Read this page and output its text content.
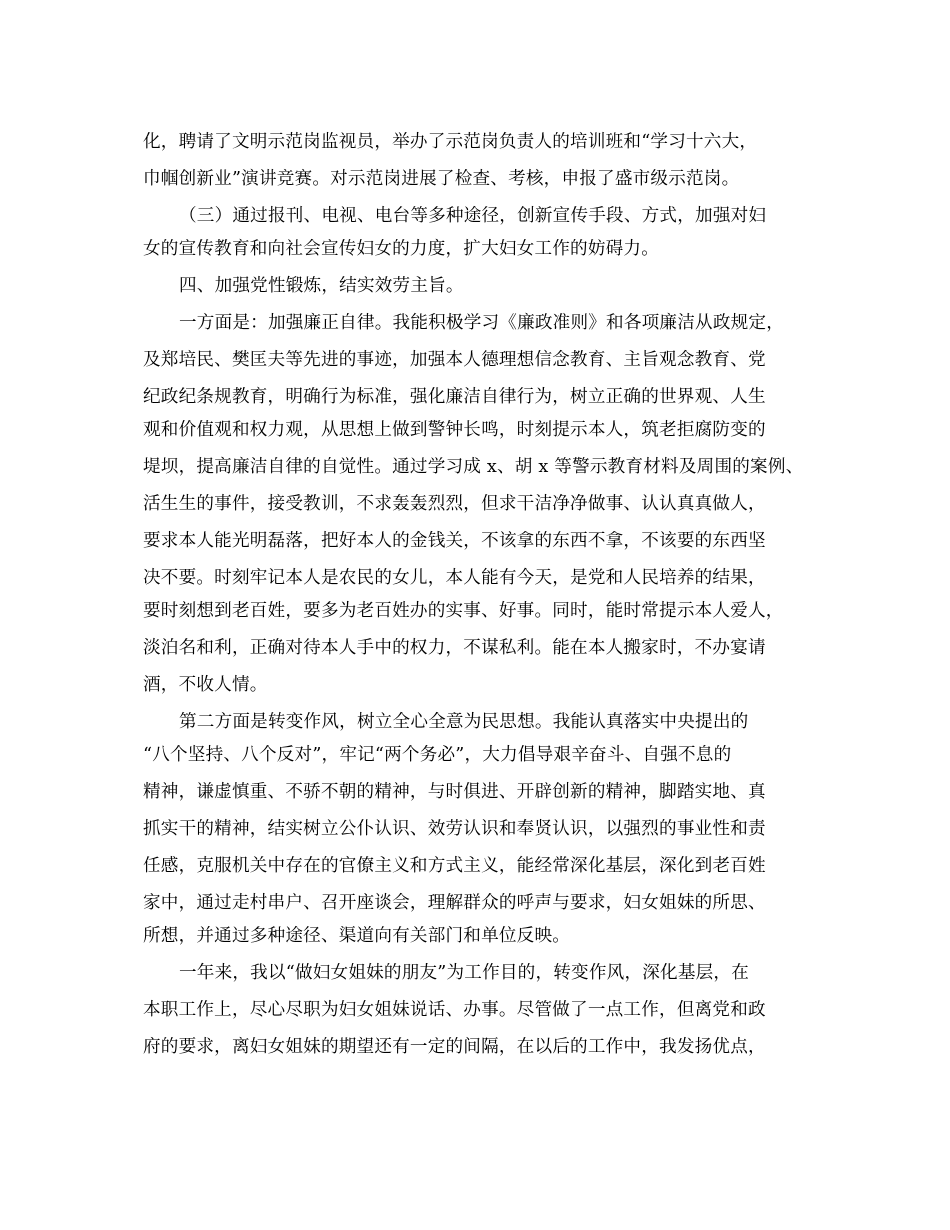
化，聘请了文明示范岗监视员，举办了示范岗负责人的培训班和“学习十六大，
巾帼创新业”演讲竞赛。对示范岗进展了检查、考核，申报了盛市级示范岗。
（三）通过报刊、电视、电台等多种途径，创新宣传手段、方式，加强对妇
女的宣传教育和向社会宣传妇女的力度，扩大妇女工作的妨碍力。
四、加强党性锻炼，结实效劳主旨。
一方面是：加强廉正自律。我能积极学习《廉政准则》和各项廉洁从政规定，
及郑培民、樊匡夫等先进的事迹，加强本人德理想信念教育、主旨观念教育、党
纪政纪条规教育，明确行为标准，强化廉洁自律行为，树立正确的世界观、人生
观和价值观和权力观，从思想上做到警钟长鸣，时刻提示本人，筑老拒腐防变的
堤坝，提高廉洁自律的自觉性。通过学习成 x、胡 x 等警示教育材料及周围的案例、
活生生的事件，接受教训，不求轰轰烈烈，但求干洁净净做事、认认真真做人，
要求本人能光明磊落，把好本人的金钱关，不该拿的东西不拿，不该要的东西坚
决不要。时刻牢记本人是农民的女儿，本人能有今天，是党和人民培养的结果，
要时刻想到老百姓，要多为老百姓办的实事、好事。同时，能时常提示本人爱人，
淡泊名和利，正确对待本人手中的权力，不谋私利。能在本人搬家时，不办宴请
酒，不收人情。
第二方面是转变作风，树立全心全意为民思想。我能认真落实中央提出的
“八个坚持、八个反对”，牢记“两个务必”，大力倡导艰辛奋斗、自强不息的
精神，谦虚慎重、不骄不朝的精神，与时俱进、开辟创新的精神，脚踏实地、真
抓实干的精神，结实树立公仆认识、效劳认识和奉贤认识，以强烈的事业性和责
任感，克服机关中存在的官僚主义和方式主义，能经常深化基层，深化到老百姓
家中，通过走村串户、召开座谈会，理解群众的呼声与要求，妇女姐妹的所思、
所想，并通过多种途径、渠道向有关部门和单位反映。
一年来，我以“做妇女姐妹的朋友”为工作目的，转变作风，深化基层，在
本职工作上，尽心尽职为妇女姐妹说话、办事。尽管做了一点工作，但离党和政
府的要求，离妇女姐妹的期望还有一定的间隔，在以后的工作中，我发扬优点，
